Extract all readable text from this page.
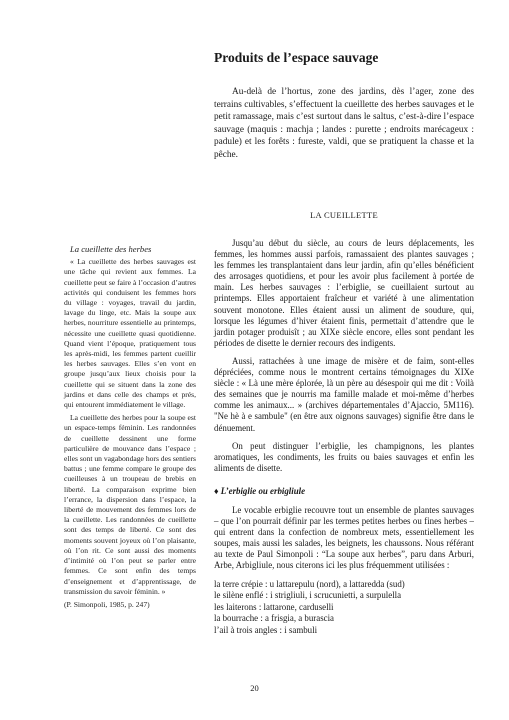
Produits de l’espace sauvage

Au-delà de l’hortus, zone des jardins, dès l’ager, zone des terrains cultivables, s’effectuent la cueillette des herbes sauvages et le petit ramassage, mais c’est surtout dans le saltus, c’est-à-dire l’espace sauvage (maquis : machja ; landes : purette ; endroits marécageux : padule) et les forêts : fureste, valdi, que se pratiquent la chasse et la pêche.

LA CUEILLETTE

La cueillette des herbes

« La cueillette des herbes sauvages est une tâche qui revient aux femmes. La cueillette peut se faire à l’occasion d’autres activités qui conduisent les femmes hors du village : voyages, travail du jardin, lavage du linge, etc. Mais la soupe aux herbes, nourriture essentielle au printemps, nécessite une cueillette quasi quotidienne. Quand vient l’époque, pratiquement tous les après-midi, les femmes partent cueillir les herbes sauvages. Elles s’en vont en groupe jusqu’aux lieux choisis pour la cueillette qui se situent dans la zone des jardins et dans celle des champs et prés, qui entourent immédiatement le village.

La cueillette des herbes pour la soupe est un espace-temps féminin. Les randonnées de cueillette dessinent une forme particulière de mouvance dans l’espace ; elles sont un vagabondage hors des sentiers battus ; une femme compare le groupe des cueilleuses à un troupeau de brebis en liberté. La comparaison exprime bien l’errance, la dispersion dans l’espace, la liberté de mouvement des femmes lors de la cueillette. Les randonnées de cueillette sont des temps de liberté. Ce sont des moments souvent joyeux où l’on plaisante, où l’on rit. Ce sont aussi des moments d’intimité où l’on peut se parler entre femmes. Ce sont enfin des temps d’enseignement et d’apprentissage, de transmission du savoir féminin. »

(P. Simonpoli, 1985, p. 247)

Jusqu’au début du siècle, au cours de leurs déplacements, les femmes, les hommes aussi parfois, ramassaient des plantes sauvages ; les femmes les transplantaient dans leur jardin, afin qu’elles bénéficient des arrosages quotidiens, et pour les avoir plus facilement à portée de main. Les herbes sauvages : l’erbiglie, se cueillaient surtout au printemps. Elles apportaient fraîcheur et variété à une alimentation souvent monotone. Elles étaient aussi un aliment de soudure, qui, lorsque les légumes d’hiver étaient finis, permettait d’attendre que le jardin potager produisît ; au XIXe siècle encore, elles sont pendant les périodes de disette le dernier recours des indigents.

Aussi, rattachées à une image de misère et de faim, sont-elles dépréciées, comme nous le montrent certains témoignages du XIXe siècle : « Là une mère éplorée, là un père au désespoir qui me dit : Voilà des semaines que je nourris ma famille malade et moi-même d’herbes comme les animaux... » (archives départementales d’Ajaccio, 5M116). "Ne hè à e sambule" (en être aux oignons sauvages) signifie être dans le dénuement.

On peut distinguer l’erbiglie, les champignons, les plantes aromatiques, les condiments, les fruits ou baies sauvages et enfin les aliments de disette.

♦ L’erbiglie ou erbigliule

Le vocable erbiglie recouvre tout un ensemble de plantes sauvages – que l’on pourrait définir par les termes petites herbes ou fines herbes – qui entrent dans la confection de nombreux mets, essentiellement les soupes, mais aussi les salades, les beignets, les chaussons. Nous référant au texte de Paul Simonpoli : “La soupe aux herbes”, paru dans Arburi, Arbe, Arbigliule, nous citerons ici les plus fréquemment utilisées :

la terre crépie : u lattarepulu (nord), a lattaredda (sud)
le silène enflé : i strigliuli, i scrucunietti, a surpulella
les laiterons : lattarone, carduselli
la bourrache : a frisgia, a burascia
l’ail à trois angles : i sambuli
20
